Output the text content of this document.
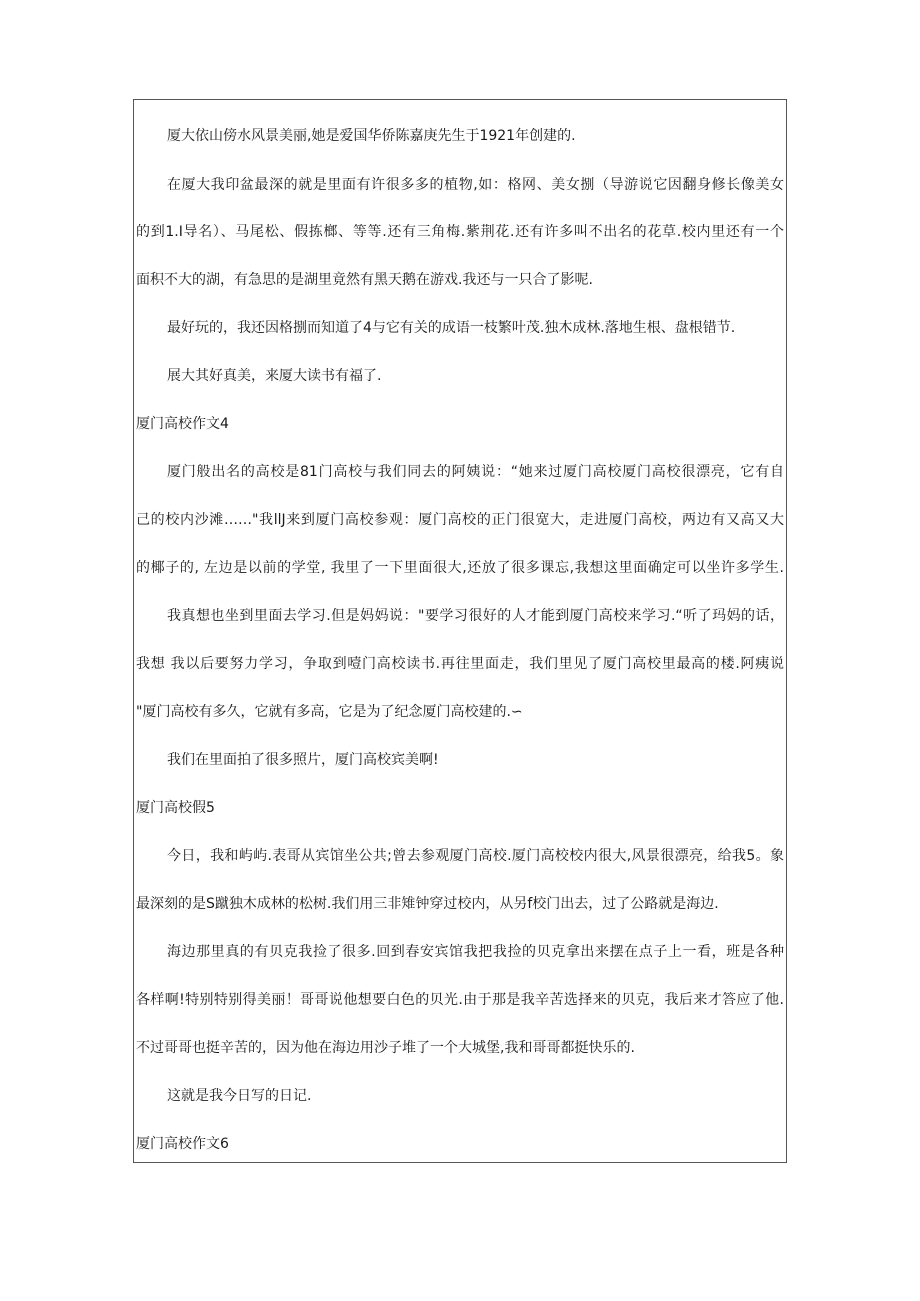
厦大依山傍水风景美丽,她是爱国华侨陈嘉庚先生于1921年创建的.
在厦大我印盆最深的就是里面有许很多多的植物,如：格网、美女捌（导游说它因翻身修长像美女
的到1.I导名）、马尾松、假拣榔、等等.还有三角梅.紫荆花.还有许多叫不出名的花草.校内里还有一个
面积不大的湖，有急思的是湖里竟然有黑天鹅在游戏.我还与一只合了影呢.
最好玩的，我还因格捌而知道了4与它有关的成语一枝繁叶茂.独木成林.落地生根、盘根错节.
展大其好真美，来厦大读书有福了.
厦门高校作文4
厦门般出名的高校是81门高校与我们同去的阿姨说：“她来过厦门高校厦门高校很漂亮，它有自
己的校内沙滩……"我llJ来到厦门高校参观：厦门高校的正门很宽大，走进厦门高校，两边有又高又大
的椰子的, 左边是以前的学堂, 我里了一下里面很大,还放了很多课忘,我想这里面确定可以坐许多学生.
我真想也坐到里面去学习.但是妈妈说："要学习很好的人才能到厦门高校来学习.“听了玛妈的话，
我想 我以后要努力学习，争取到噎门高校读书.再往里面走，我们里见了厦门高校里最高的楼.阿痍说
"厦门高校有多久，它就有多高，它是为了纪念厦门高校建的.∽
我们在里面拍了很多照片，厦门高校宾美啊!
厦门高校假5
今日，我和屿屿.表哥从宾馆坐公共;曾去参观厦门高校.厦门高校校内很大,风景很漂亮，给我5。象
最深刻的是S蹴独木成林的松树.我们用三非雉钟穿过校内，从另f校门出去，过了公路就是海边.
海边那里真的有贝克我捡了很多.回到春安宾馆我把我捡的贝克拿出来摆在点子上一看，班是各种
各样啊!特别特别得美丽！哥哥说他想要白色的贝光.由于那是我辛苦选择来的贝克，我后来才答应了他.
不过哥哥也挺辛苦的，因为他在海边用沙子堆了一个大城堡,我和哥哥都挺快乐的.
这就是我今日写的日记.
厦门高校作文6
